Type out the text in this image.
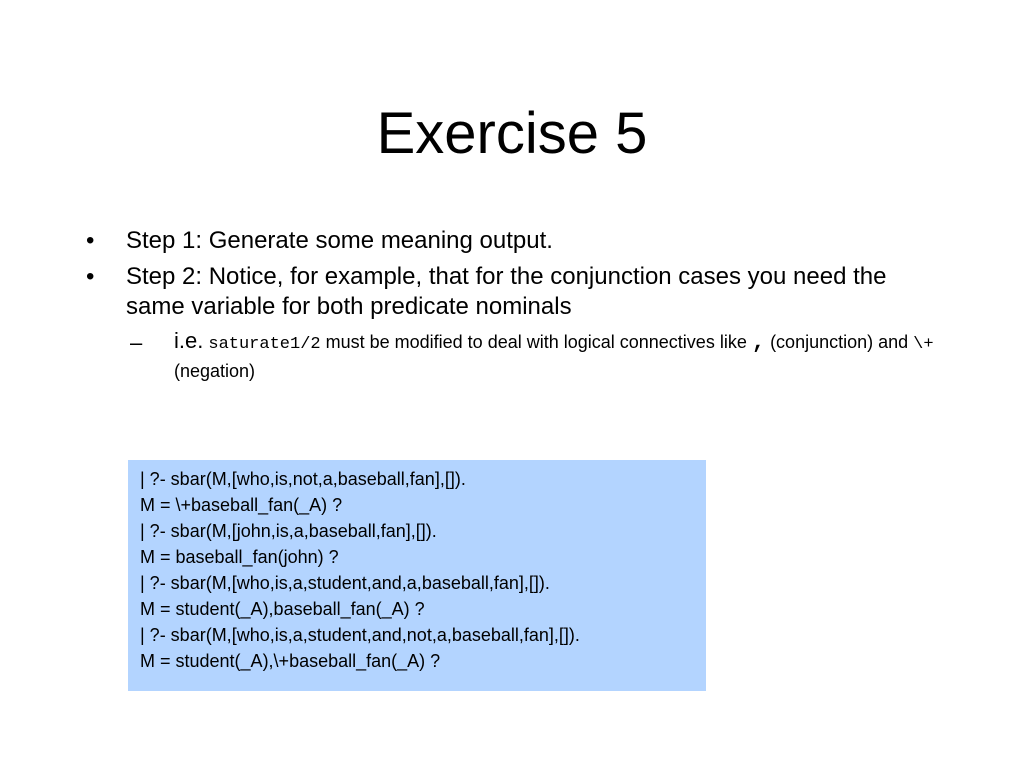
Exercise 5
• Step 1: Generate some meaning output.
• Step 2: Notice, for example, that for the conjunction cases you need the same variable for both predicate nominals
– i.e. saturate1/2 must be modified to deal with logical connectives like , (conjunction) and \+ (negation)
| ?- sbar(M,[who,is,not,a,baseball,fan],[]).
M = \+baseball_fan(_A) ?
| ?- sbar(M,[john,is,a,baseball,fan],[]).
M = baseball_fan(john) ?
| ?- sbar(M,[who,is,a,student,and,a,baseball,fan],[]).
M = student(_A),baseball_fan(_A) ?
| ?- sbar(M,[who,is,a,student,and,not,a,baseball,fan],[]).
M = student(_A),\+baseball_fan(_A) ?
